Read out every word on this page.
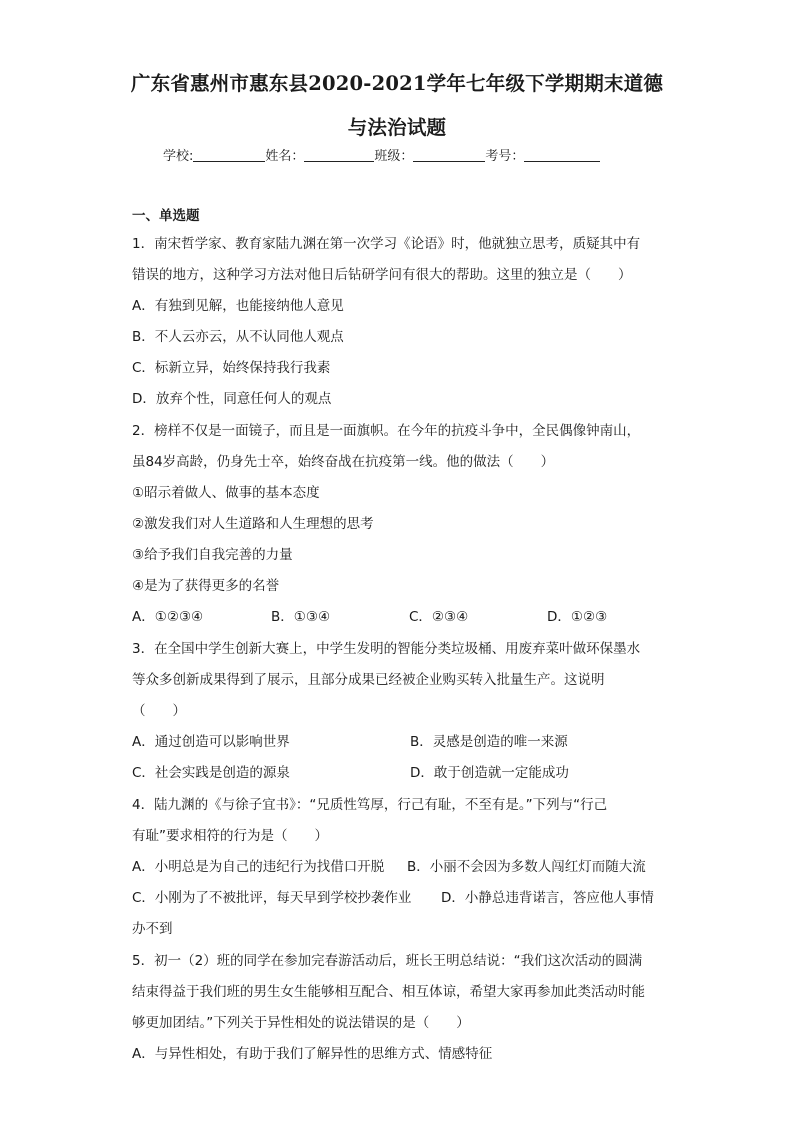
广东省惠州市惠东县2020-2021学年七年级下学期期末道德
与法治试题
学校:	姓名：	班级：	考号：
一、单选题
1．南宋哲学家、教育家陆九渊在第一次学习《论语》时，他就独立思考，质疑其中有
错误的地方，这种学习方法对他日后钻研学问有很大的帮助。这里的独立是（　　）
A．有独到见解，也能接纳他人意见
B．不人云亦云，从不认同他人观点
C．标新立异，始终保持我行我素
D．放弃个性，同意任何人的观点
2．榜样不仅是一面镜子，而且是一面旗帜。在今年的抗疫斗争中，全民偶像钟南山，
虽84岁高龄，仍身先士卒，始终奋战在抗疫第一线。他的做法（　　）
①昭示着做人、做事的基本态度
②激发我们对人生道路和人生理想的思考
③给予我们自我完善的力量
④是为了获得更多的名誉
A．①②③④	B．①③④	C．②③④	D．①②③
3．在全国中学生创新大赛上，中学生发明的智能分类垃圾桶、用废弃菜叶做环保墨水
等众多创新成果得到了展示，且部分成果已经被企业购买转入批量生产。这说明
（　　）
A．通过创造可以影响世界	B．灵感是创造的唯一来源
C．社会实践是创造的源泉	D．敢于创造就一定能成功
4．陆九渊的《与徐子宜书》：“兄质性笃厚，行己有耻，不至有是。”下列与“行己
有耻”要求相符的行为是（　　）
A．小明总是为自己的违纪行为找借口开脱 B．小丽不会因为多数人闯红灯而随大流
C．小刚为了不被批评，每天早到学校抄袭作业 D．小静总违背诺言，答应他人事情
办不到
5．初一（2）班的同学在参加完春游活动后，班长王明总结说：“我们这次活动的圆满
结束得益于我们班的男生女生能够相互配合、相互体谅，希望大家再参加此类活动时能
够更加团结。”下列关于异性相处的说法错误的是（　　）
A．与异性相处，有助于我们了解异性的思维方式、情感特征
